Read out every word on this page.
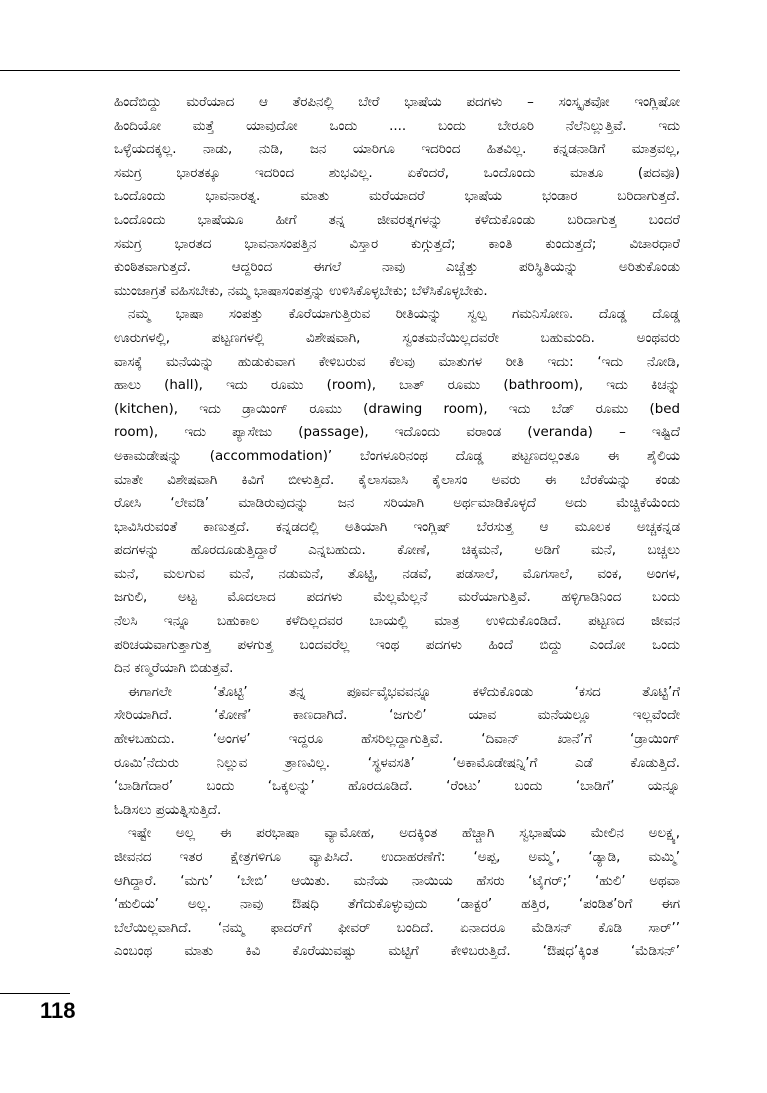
ಹಿಂದೆಬಿದ್ದು ಮರೆಯಾದ ಆ ತೆರಪಿನಲ್ಲಿ ಬೇರೆ ಭಾಷೆಯ ಪದಗಳು – ಸಂಸ್ಕೃತವೋ ಇಂಗ್ಲಿಷೋ
ಹಿಂದಿಯೋ ಮತ್ತೆ ಯಾವುದೋ ಒಂದು .... ಬಂದು ಬೇರೂರಿ ನೆಲೆನಿಲ್ಲುತ್ತಿವೆ. ಇದು
ಒಳ್ಳೆಯದಕ್ಕಲ್ಲ. ನಾಡು, ನುಡಿ, ಜನ ಯಾರಿಗೂ ಇದರಿಂದ ಹಿತವಿಲ್ಲ. ಕನ್ನಡನಾಡಿಗೆ ಮಾತ್ರವಲ್ಲ,
ಸಮಗ್ರ ಭಾರತಕ್ಕೂ ಇದರಿಂದ ಶುಭವಿಲ್ಲ. ಏಕೆಂದರೆ, ಒಂದೊಂದು ಮಾತೂ (ಪದವೂ)
ಒಂದೊಂದು ಭಾವನಾರತ್ನ. ಮಾತು ಮರೆಯಾದರೆ ಭಾಷೆಯ ಭಂಡಾರ ಬರಿದಾಗುತ್ತದೆ.
ಒಂದೊಂದು ಭಾಷೆಯೂ ಹೀಗೆ ತನ್ನ ಜೀವರತ್ನಗಳನ್ನು ಕಳೆದುಕೊಂಡು ಬರಿದಾಗುತ್ತ ಬಂದರೆ
ಸಮಗ್ರ ಭಾರತದ ಭಾವನಾಸಂಪತ್ತಿನ ವಿಸ್ತಾರ ಕುಗ್ಗುತ್ತದೆ; ಕಾಂತಿ ಕುಂದುತ್ತದೆ; ವಿಚಾರಧಾರೆ
ಕುಂಠಿತವಾಗುತ್ತದೆ. ಆದ್ದರಿಂದ ಈಗಲೆ ನಾವು ಎಚ್ಚೆತ್ತು ಪರಿಸ್ಥಿತಿಯನ್ನು ಅರಿತುಕೊಂಡು
ಮುಂಜಾಗ್ರತೆ ವಹಿಸಬೇಕು, ನಮ್ಮ ಭಾಷಾಸಂಪತ್ತನ್ನು ಉಳಿಸಿಕೊಳ್ಳಬೇಕು; ಬೆಳೆಸಿಕೊಳ್ಳಬೇಕು.
ನಮ್ಮ ಭಾಷಾ ಸಂಪತ್ತು ಕೊರೆಯಾಗುತ್ತಿರುವ ರೀತಿಯನ್ನು ಸ್ವಲ್ಪ ಗಮನಿಸೋಣ. ದೊಡ್ಡ ದೊಡ್ಡ
ಊರುಗಳಲ್ಲಿ, ಪಟ್ಟಣಗಳಲ್ಲಿ ವಿಶೇಷವಾಗಿ, ಸ್ವಂತಮನೆಯಿಲ್ಲದವರೇ ಬಹುಮಂದಿ. ಅಂಥವರು
ವಾಸಕ್ಕೆ ಮನೆಯನ್ನು ಹುಡುಕುವಾಗ ಕೇಳಿಬರುವ ಕೆಲವು ಮಾತುಗಳ ರೀತಿ ಇದು: ‘ಇದು ನೋಡಿ,
ಹಾಲು (hall), ಇದು ರೂಮು (room), ಬಾತ್ ರೂಮು (bathroom), ಇದು ಕಿಚನ್ನು
(kitchen), ಇದು ಡ್ರಾಯಿಂಗ್ ರೂಮು (drawing room), ಇದು ಬೆಡ್ ರೂಮು (bed
room), ಇದು ಪ್ಯಾಸೇಜು (passage), ಇದೊಂದು ವರಾಂಡ (veranda) – ಇಷ್ಟಿದೆ
ಅಕಾಮಡೇಷನ್ನು (accommodation)’ ಬೆಂಗಳೂರಿನಂಥ ದೊಡ್ಡ ಪಟ್ಟಣದಲ್ಲಂತೂ ಈ ಶೈಲಿಯ
ಮಾತೇ ವಿಶೇಷವಾಗಿ ಕಿವಿಗೆ ಬೀಳುತ್ತಿದೆ. ಕೈಲಾಸವಾಸಿ ಕೈಲಾಸಂ ಅವರು ಈ ಬೆರಕೆಯನ್ನು ಕಂಡು
ರೋಸಿ ‘ಲೇವಡಿ’ ಮಾಡಿರುವುದನ್ನು ಜನ ಸರಿಯಾಗಿ ಅರ್ಥಮಾಡಿಕೊಳ್ಳದೆ ಅದು ಮೆಚ್ಚಿಕೆಯೆಂದು
ಭಾವಿಸಿರುವಂತೆ ಕಾಣುತ್ತದೆ. ಕನ್ನಡದಲ್ಲಿ ಅತಿಯಾಗಿ ಇಂಗ್ಲಿಷ್ ಬೆರಸುತ್ತ ಆ ಮೂಲಕ ಅಚ್ಚಕನ್ನಡ
ಪದಗಳನ್ನು ಹೊರದೂಡುತ್ತಿದ್ದಾರೆ ಎನ್ನಬಹುದು. ಕೋಣೆ, ಚಿಕ್ಕಮನೆ, ಅಡಿಗೆ ಮನೆ, ಬಚ್ಚಲು
ಮನೆ, ಮಲಗುವ ಮನೆ, ನಡುಮನೆ, ತೊಟ್ಟಿ, ನಡವೆ, ಪಡಸಾಲೆ, ಮೊಗಸಾಲೆ, ವಂಕ, ಅಂಗಳ,
ಜಗುಲಿ, ಅಟ್ಟ ಮೊದಲಾದ ಪದಗಳು ಮೆಲ್ಲಮೆಲ್ಲನೆ ಮರೆಯಾಗುತ್ತಿವೆ. ಹಳ್ಳಿಗಾಡಿನಿಂದ ಬಂದು
ನೆಲಸಿ ಇನ್ನೂ ಬಹುಕಾಲ ಕಳೆದಿಲ್ಲದವರ ಬಾಯಲ್ಲಿ ಮಾತ್ರ ಉಳಿದುಕೊಂಡಿದೆ. ಪಟ್ಟಣದ ಜೀವನ
ಪರಿಚಯವಾಗುತ್ತಾಗುತ್ತ ಪಳಗುತ್ತ ಬಂದವರೆಲ್ಲ ಇಂಥ ಪದಗಳು ಹಿಂದೆ ಬಿದ್ದು ಎಂದೋ ಒಂದು
ದಿನ ಕಣ್ಮರೆಯಾಗಿ ಬಿಡುತ್ತವೆ.
ಈಗಾಗಲೇ ‘ತೊಟ್ಟಿ’ ತನ್ನ ಪೂರ್ವವೈಭವವನ್ನೂ ಕಳೆದುಕೊಂಡು ‘ಕಸದ ತೊಟ್ಟಿ’ಗೆ
ಸೇರಿಯಾಗಿದೆ. ‘ಕೋಣೆ’ ಕಾಣದಾಗಿದೆ. ‘ಜಗುಲಿ’ ಯಾವ ಮನೆಯಲ್ಲೂ ಇಲ್ಲವೆಂದೇ
ಹೇಳಬಹುದು. ‘ಅಂಗಳ’ ಇದ್ದರೂ ಹೆಸರಿಲ್ಲದ್ದಾಗುತ್ತಿವೆ. ‘ದಿವಾನ್ ಖಾನೆ’ಗೆ ‘ಡ್ರಾಯಿಂಗ್
ರೂಮಿ’ನೆದುರು ನಿಲ್ಲುವ ತ್ರಾಣವಿಲ್ಲ. ‘ಸ್ಥಳವಸತಿ’ ‘ಅಕಾಮೊಡೇಷನ್ನಿ’ಗೆ ಎಡೆ ಕೊಡುತ್ತಿದೆ.
‘ಬಾಡಿಗೆದಾರ’ ಬಂದು ‘ಒಕ್ಕಲನ್ನು’ ಹೊರದೂಡಿದೆ. ‘ರೆಂಟು’ ಬಂದು ‘ಬಾಡಿಗೆ’ ಯನ್ನೂ
ಓಡಿಸಲು ಪ್ರಯತ್ನಿಸುತ್ತಿದೆ.
ಇಷ್ಟೇ ಅಲ್ಲ ಈ ಪರಭಾಷಾ ವ್ಯಾಮೋಹ, ಅದಕ್ಕಿಂತ ಹೆಚ್ಚಾಗಿ ಸ್ವಭಾಷೆಯ ಮೇಲಿನ ಅಲಕ್ಷ್ಯ,
ಜೀವನದ ಇತರ ಕ್ಷೇತ್ರಗಳಿಗೂ ವ್ಯಾಪಿಸಿದೆ. ಉದಾಹರಣೆಗೆ: ‘ಅಪ್ಪ, ಅಮ್ಮ’, ‘ಡ್ಯಾಡಿ, ಮಮ್ಮಿ’
ಆಗಿದ್ದಾರೆ. ‘ಮಗು’ ‘ಬೇಬಿ’ ಆಯಿತು. ಮನೆಯ ನಾಯಿಯ ಹೆಸರು ‘ಟೈಗರ್;’ ‘ಹುಲಿ’ ಅಥವಾ
‘ಹುಲಿಯ’ ಅಲ್ಲ. ನಾವು ಔಷಧಿ ತೆಗೆದುಕೊಳ್ಳುವುದು ‘ಡಾಕ್ಟರ’ ಹತ್ತಿರ, ‘ಪಂಡಿತ’ರಿಗೆ ಈಗ
ಬೆಲೆಯಿಲ್ಲವಾಗಿದೆ. ‘ನಮ್ಮ ಫಾದರ್‌ಗೆ ಫೀವರ್ ಬಂದಿದೆ. ಏನಾದರೂ ಮೆಡಿಸನ್ ಕೊಡಿ ಸಾರ್’’
ಎಂಬಂಥ ಮಾತು ಕಿವಿ ಕೊರೆಯುವಷ್ಟು ಮಟ್ಟಿಗೆ ಕೇಳಿಬರುತ್ತಿದೆ. ‘ಔಷಧ’ಕ್ಕಿಂತ ‘ಮೆಡಿಸನ್’
118
